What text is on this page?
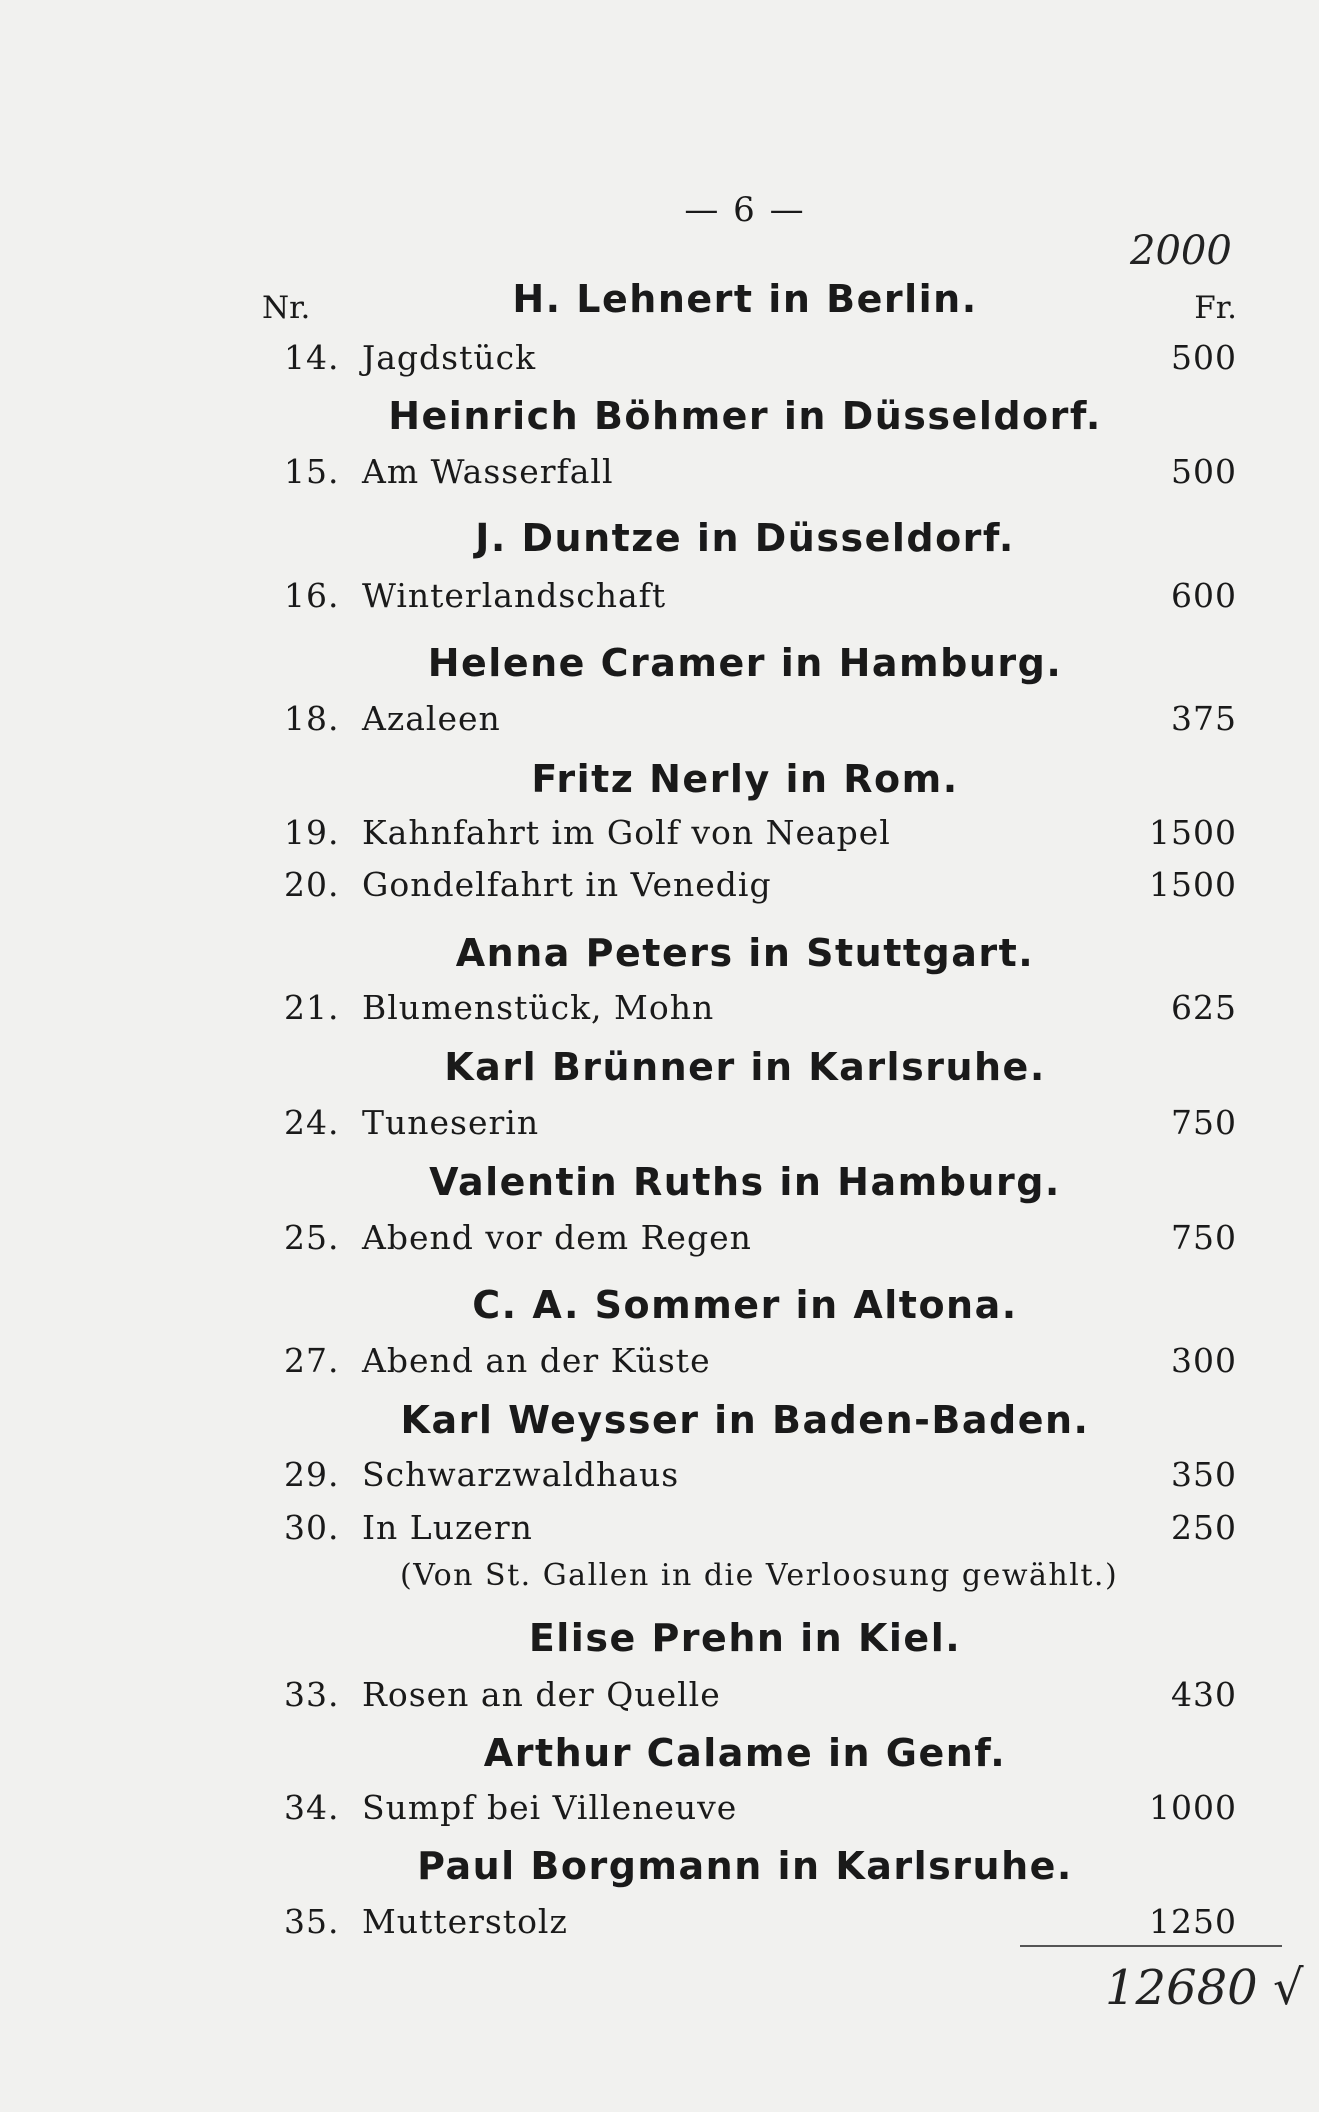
— 6 —
2000
Nr.	Fr.
H. Lehnert in Berlin.
14. Jagdstück	500
Heinrich Böhmer in Düsseldorf.
15. Am Wasserfall	500
J. Duntze in Düsseldorf.
16. Winterlandschaft	600
Helene Cramer in Hamburg.
18. Azaleen	375
Fritz Nerly in Rom.
19. Kahnfahrt im Golf von Neapel	1500
20. Gondelfahrt in Venedig	1500
Anna Peters in Stuttgart.
21. Blumenstück, Mohn	625
Karl Brünner in Karlsruhe.
24. Tuneserin	750
Valentin Ruths in Hamburg.
25. Abend vor dem Regen	750
C. A. Sommer in Altona.
27. Abend an der Küste	300
Karl Weysser in Baden-Baden.
29. Schwarzwaldhaus	350
30. In Luzern	250
(Von St. Gallen in die Verloosung gewählt.)
Elise Prehn in Kiel.
33. Rosen an der Quelle	430
Arthur Calame in Genf.
34. Sumpf bei Villeneuve	1000
Paul Borgmann in Karlsruhe.
35. Mutterstolz	1250
12680 √
